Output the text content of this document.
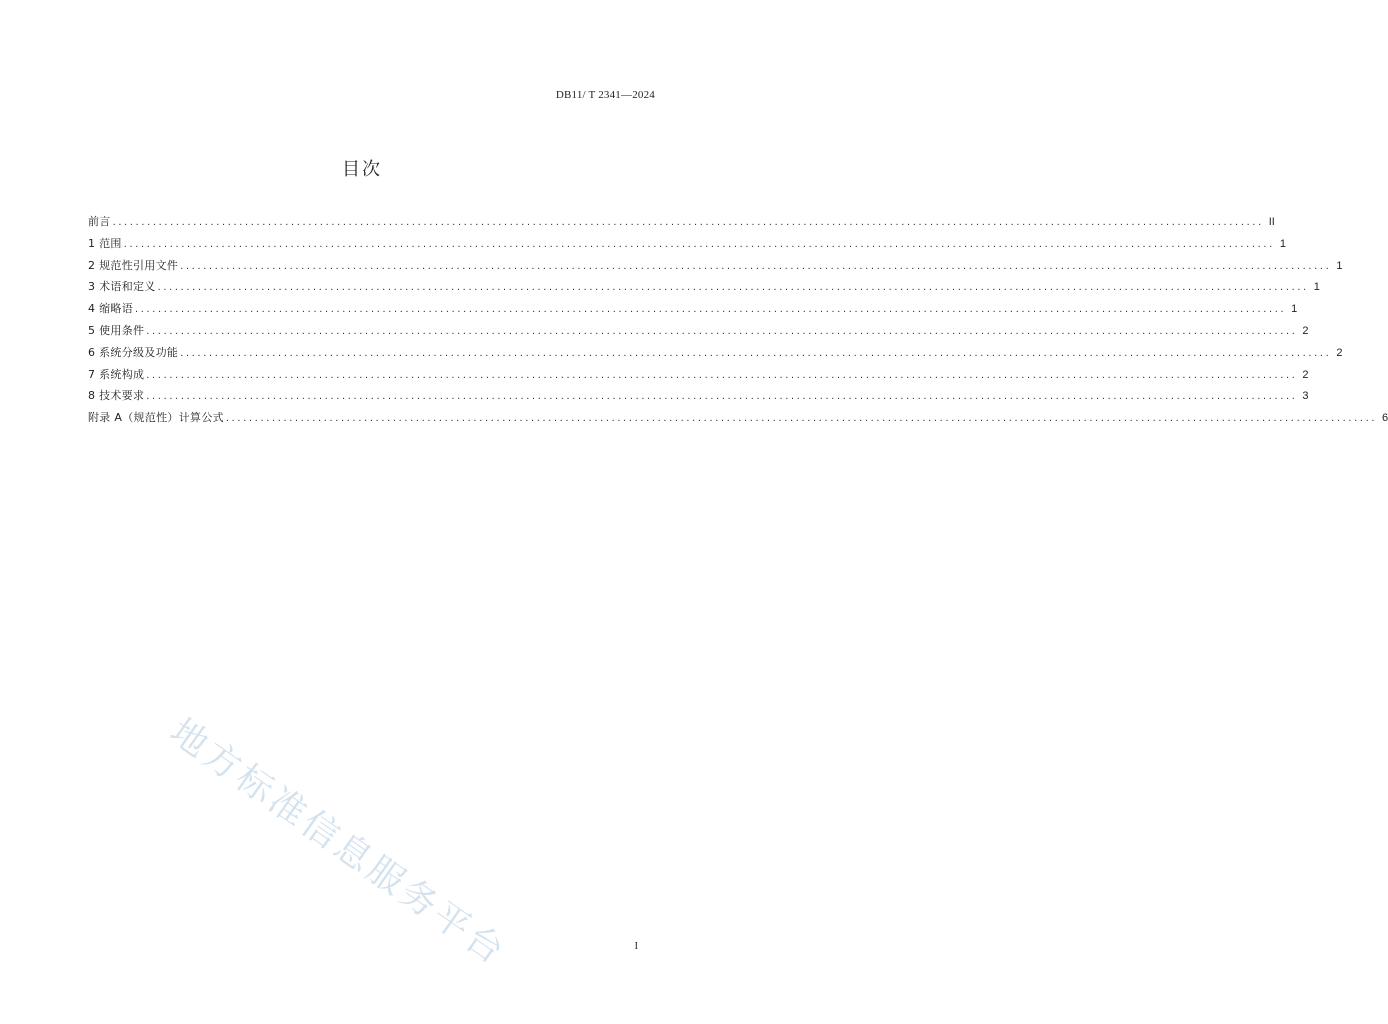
DB11/ T 2341—2024
目次
前言 ........................................................................................................................................................................................................ II
1 范围 ........................................................................................................................................................................................................ 1
2 规范性引用文件 ........................................................................................................................................................................................................ 1
3 术语和定义 ........................................................................................................................................................................................................ 1
4 缩略语 ........................................................................................................................................................................................................ 1
5 使用条件 ........................................................................................................................................................................................................ 2
6 系统分级及功能 ........................................................................................................................................................................................................ 2
7 系统构成 ........................................................................................................................................................................................................ 2
8 技术要求 ........................................................................................................................................................................................................ 3
附录 A（规范性）计算公式 ........................................................................................................................................................................................................ 6
地方标准信息服务平台	I
